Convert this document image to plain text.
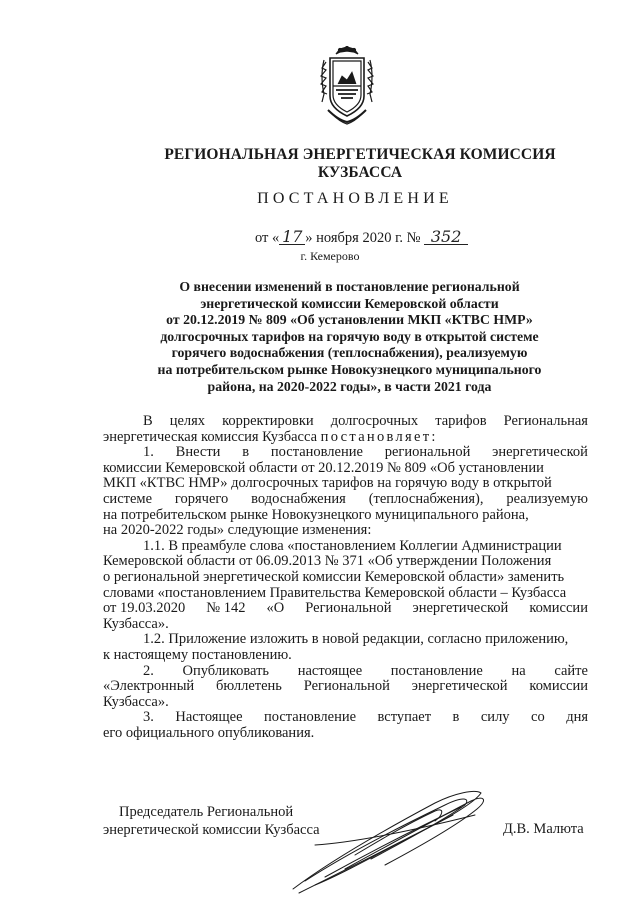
РЕГИОНАЛЬНАЯ ЭНЕРГЕТИЧЕСКАЯ КОМИССИЯ
КУЗБАССА
ПОСТАНОВЛЕНИЕ
от « 17 » ноября 2020 г. № 352
г. Кемерово
О внесении изменений в постановление региональной
энергетической комиссии Кемеровской области
от 20.12.2019 № 809 «Об установлении МКП «КТВС НМР»
долгосрочных тарифов на горячую воду в открытой системе
горячего водоснабжения (теплоснабжения), реализуемую
на потребительском рынке Новокузнецкого муниципального
района, на 2020-2022 годы», в части 2021 года
В целях корректировки долгосрочных тарифов Региональная
энергетическая комиссия Кузбасса постановляет:
1. Внести в постановление региональной энергетической
комиссии Кемеровской области от 20.12.2019 № 809 «Об установлении
МКП «КТВС НМР» долгосрочных тарифов на горячую воду в открытой
системе горячего водоснабжения (теплоснабжения), реализуемую
на потребительском рынке Новокузнецкого муниципального района,
на 2020-2022 годы» следующие изменения:
1.1. В преамбуле слова «постановлением Коллегии Администрации
Кемеровской области от 06.09.2013 № 371 «Об утверждении Положения
о региональной энергетической комиссии Кемеровской области» заменить
словами «постановлением Правительства Кемеровской области – Кузбасса
от 19.03.2020 № 142 «О Региональной энергетической комиссии
Кузбасса».
1.2. Приложение изложить в новой редакции, согласно приложению,
к настоящему постановлению.
2. Опубликовать настоящее постановление на сайте
«Электронный бюллетень Региональной энергетической комиссии
Кузбасса».
3. Настоящее постановление вступает в силу со дня
его официального опубликования.
Председатель Региональной
энергетической комиссии Кузбасса	Д.В. Малюта
